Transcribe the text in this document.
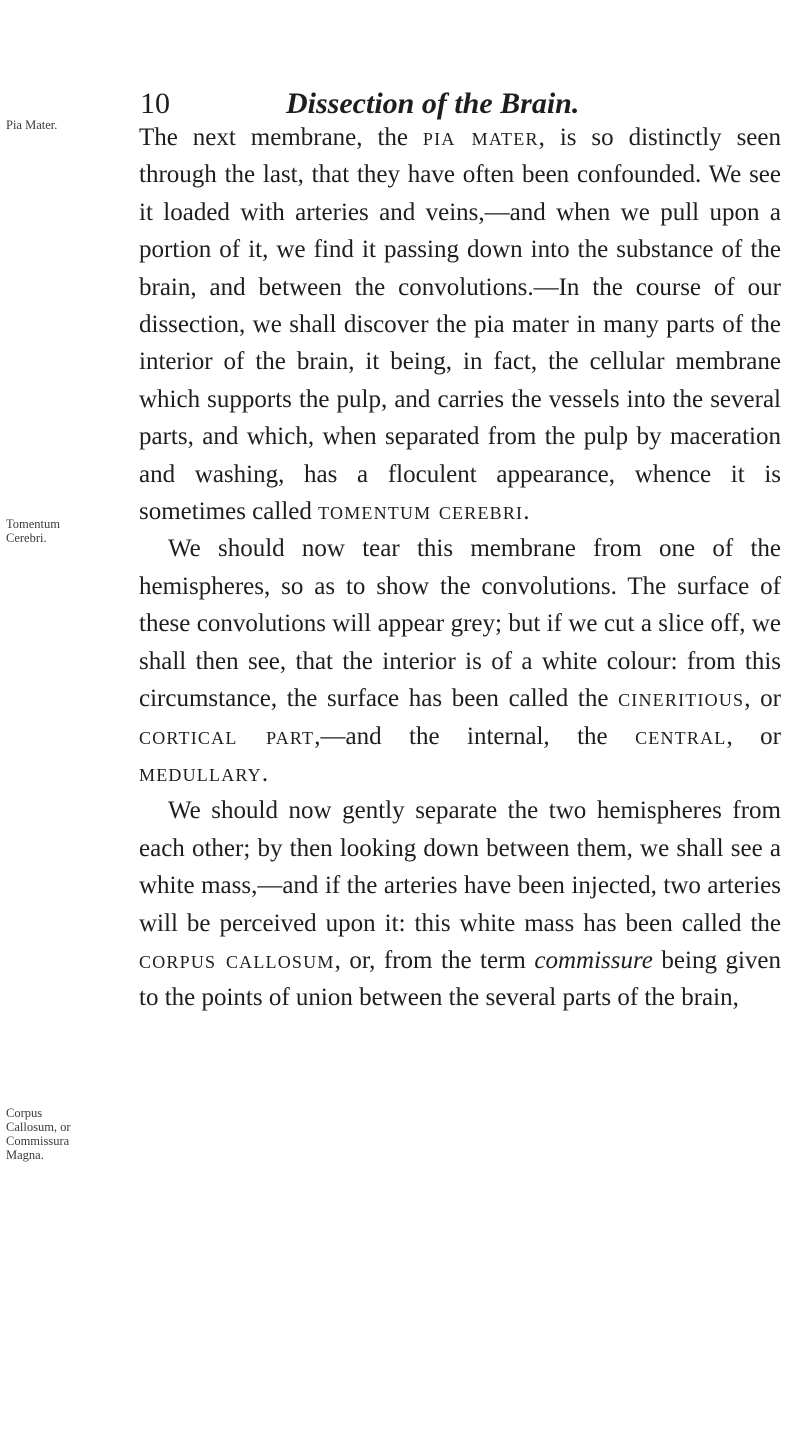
10	Dissection of the Brain.
Pia Mater.
Tomentum Cerebri.
Corpus Callosum, or Commissura Magna.

The next membrane, the pia mater, is so distinctly seen through the last, that they have often been confounded. We see it loaded with arteries and veins,—and when we pull upon a portion of it, we find it passing down into the substance of the brain, and between the convolutions.—In the course of our dissection, we shall discover the pia mater in many parts of the interior of the brain, it being, in fact, the cellular membrane which supports the pulp, and carries the vessels into the several parts, and which, when separated from the pulp by maceration and washing, has a floculent appearance, whence it is sometimes called tomentum cerebri.

We should now tear this membrane from one of the hemispheres, so as to show the convolutions. The surface of these convolutions will appear grey; but if we cut a slice off, we shall then see, that the interior is of a white colour: from this circumstance, the surface has been called the cineritious, or cortical part,—and the internal, the central, or medullary.

We should now gently separate the two hemispheres from each other; by then looking down between them, we shall see a white mass,—and if the arteries have been injected, two arteries will be perceived upon it: this white mass has been called the corpus callosum, or, from the term commissure being given to the points of union between the several parts of the brain,
